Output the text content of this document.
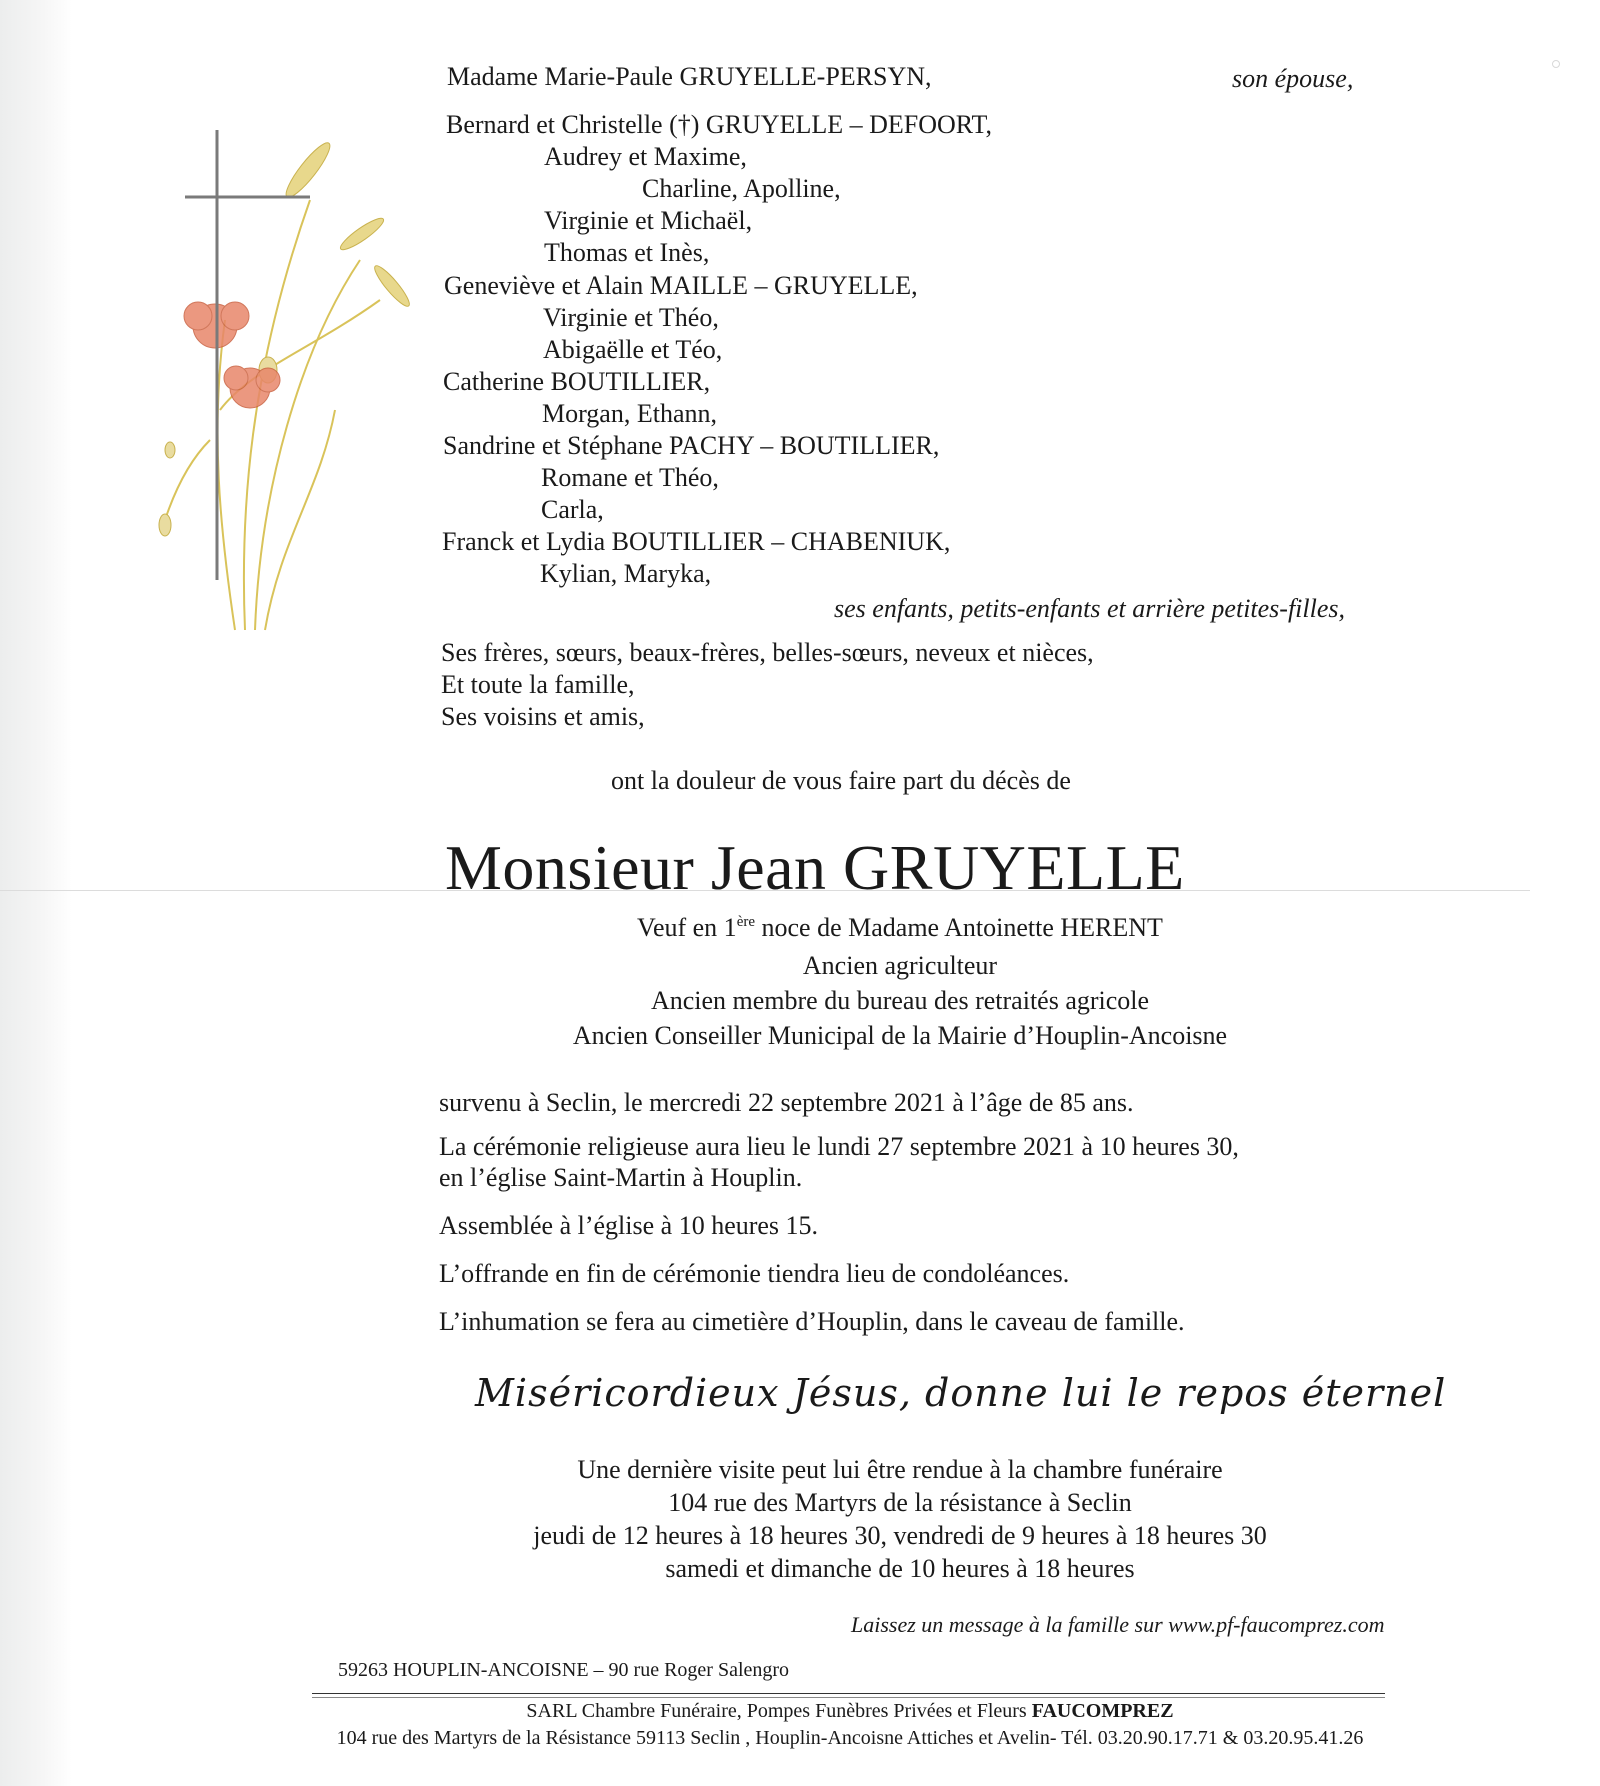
Madame Marie-Paule GRUYELLE-PERSYN,	son épouse,
Bernard et Christelle (†) GRUYELLE – DEFOORT,
Audrey et Maxime,
Charline, Apolline,
Virginie et Michaël,
Thomas et Inès,
Geneviève et Alain MAILLE – GRUYELLE,
Virginie et Théo,
Abigaëlle et Téo,
Catherine BOUTILLIER,
Morgan, Ethann,
Sandrine et Stéphane PACHY – BOUTILLIER,
Romane et Théo,
Carla,
Franck et Lydia BOUTILLIER – CHABENIUK,
Kylian, Maryka,
ses enfants, petits-enfants et arrière petites-filles,
Ses frères, sœurs, beaux-frères, belles-sœurs, neveux et nièces,
Et toute la famille,
Ses voisins et amis,
ont la douleur de vous faire part du décès de
Monsieur Jean GRUYELLE
Veuf en 1ère noce de Madame Antoinette HERENT
Ancien agriculteur
Ancien membre du bureau des retraités agricole
Ancien Conseiller Municipal de la Mairie d’Houplin-Ancoisne
survenu à Seclin, le mercredi 22 septembre 2021 à l’âge de 85 ans.
La cérémonie religieuse aura lieu le lundi 27 septembre 2021 à 10 heures 30,
en l’église Saint-Martin à Houplin.
Assemblée à l’église à 10 heures 15.
L’offrande en fin de cérémonie tiendra lieu de condoléances.
L’inhumation se fera au cimetière d’Houplin, dans le caveau de famille.
Miséricordieux Jésus, donne lui le repos éternel
Une dernière visite peut lui être rendue à la chambre funéraire
104 rue des Martyrs de la résistance à Seclin
jeudi de 12 heures à 18 heures 30, vendredi de 9 heures à 18 heures 30
samedi et dimanche de 10 heures à 18 heures
Laissez un message à la famille sur www.pf-faucomprez.com
59263 HOUPLIN-ANCOISNE – 90 rue Roger Salengro
SARL Chambre Funéraire, Pompes Funèbres Privées et Fleurs FAUCOMPREZ
104 rue des Martyrs de la Résistance 59113 Seclin , Houplin-Ancoisne Attiches et Avelin- Tél. 03.20.90.17.71 & 03.20.95.41.26
